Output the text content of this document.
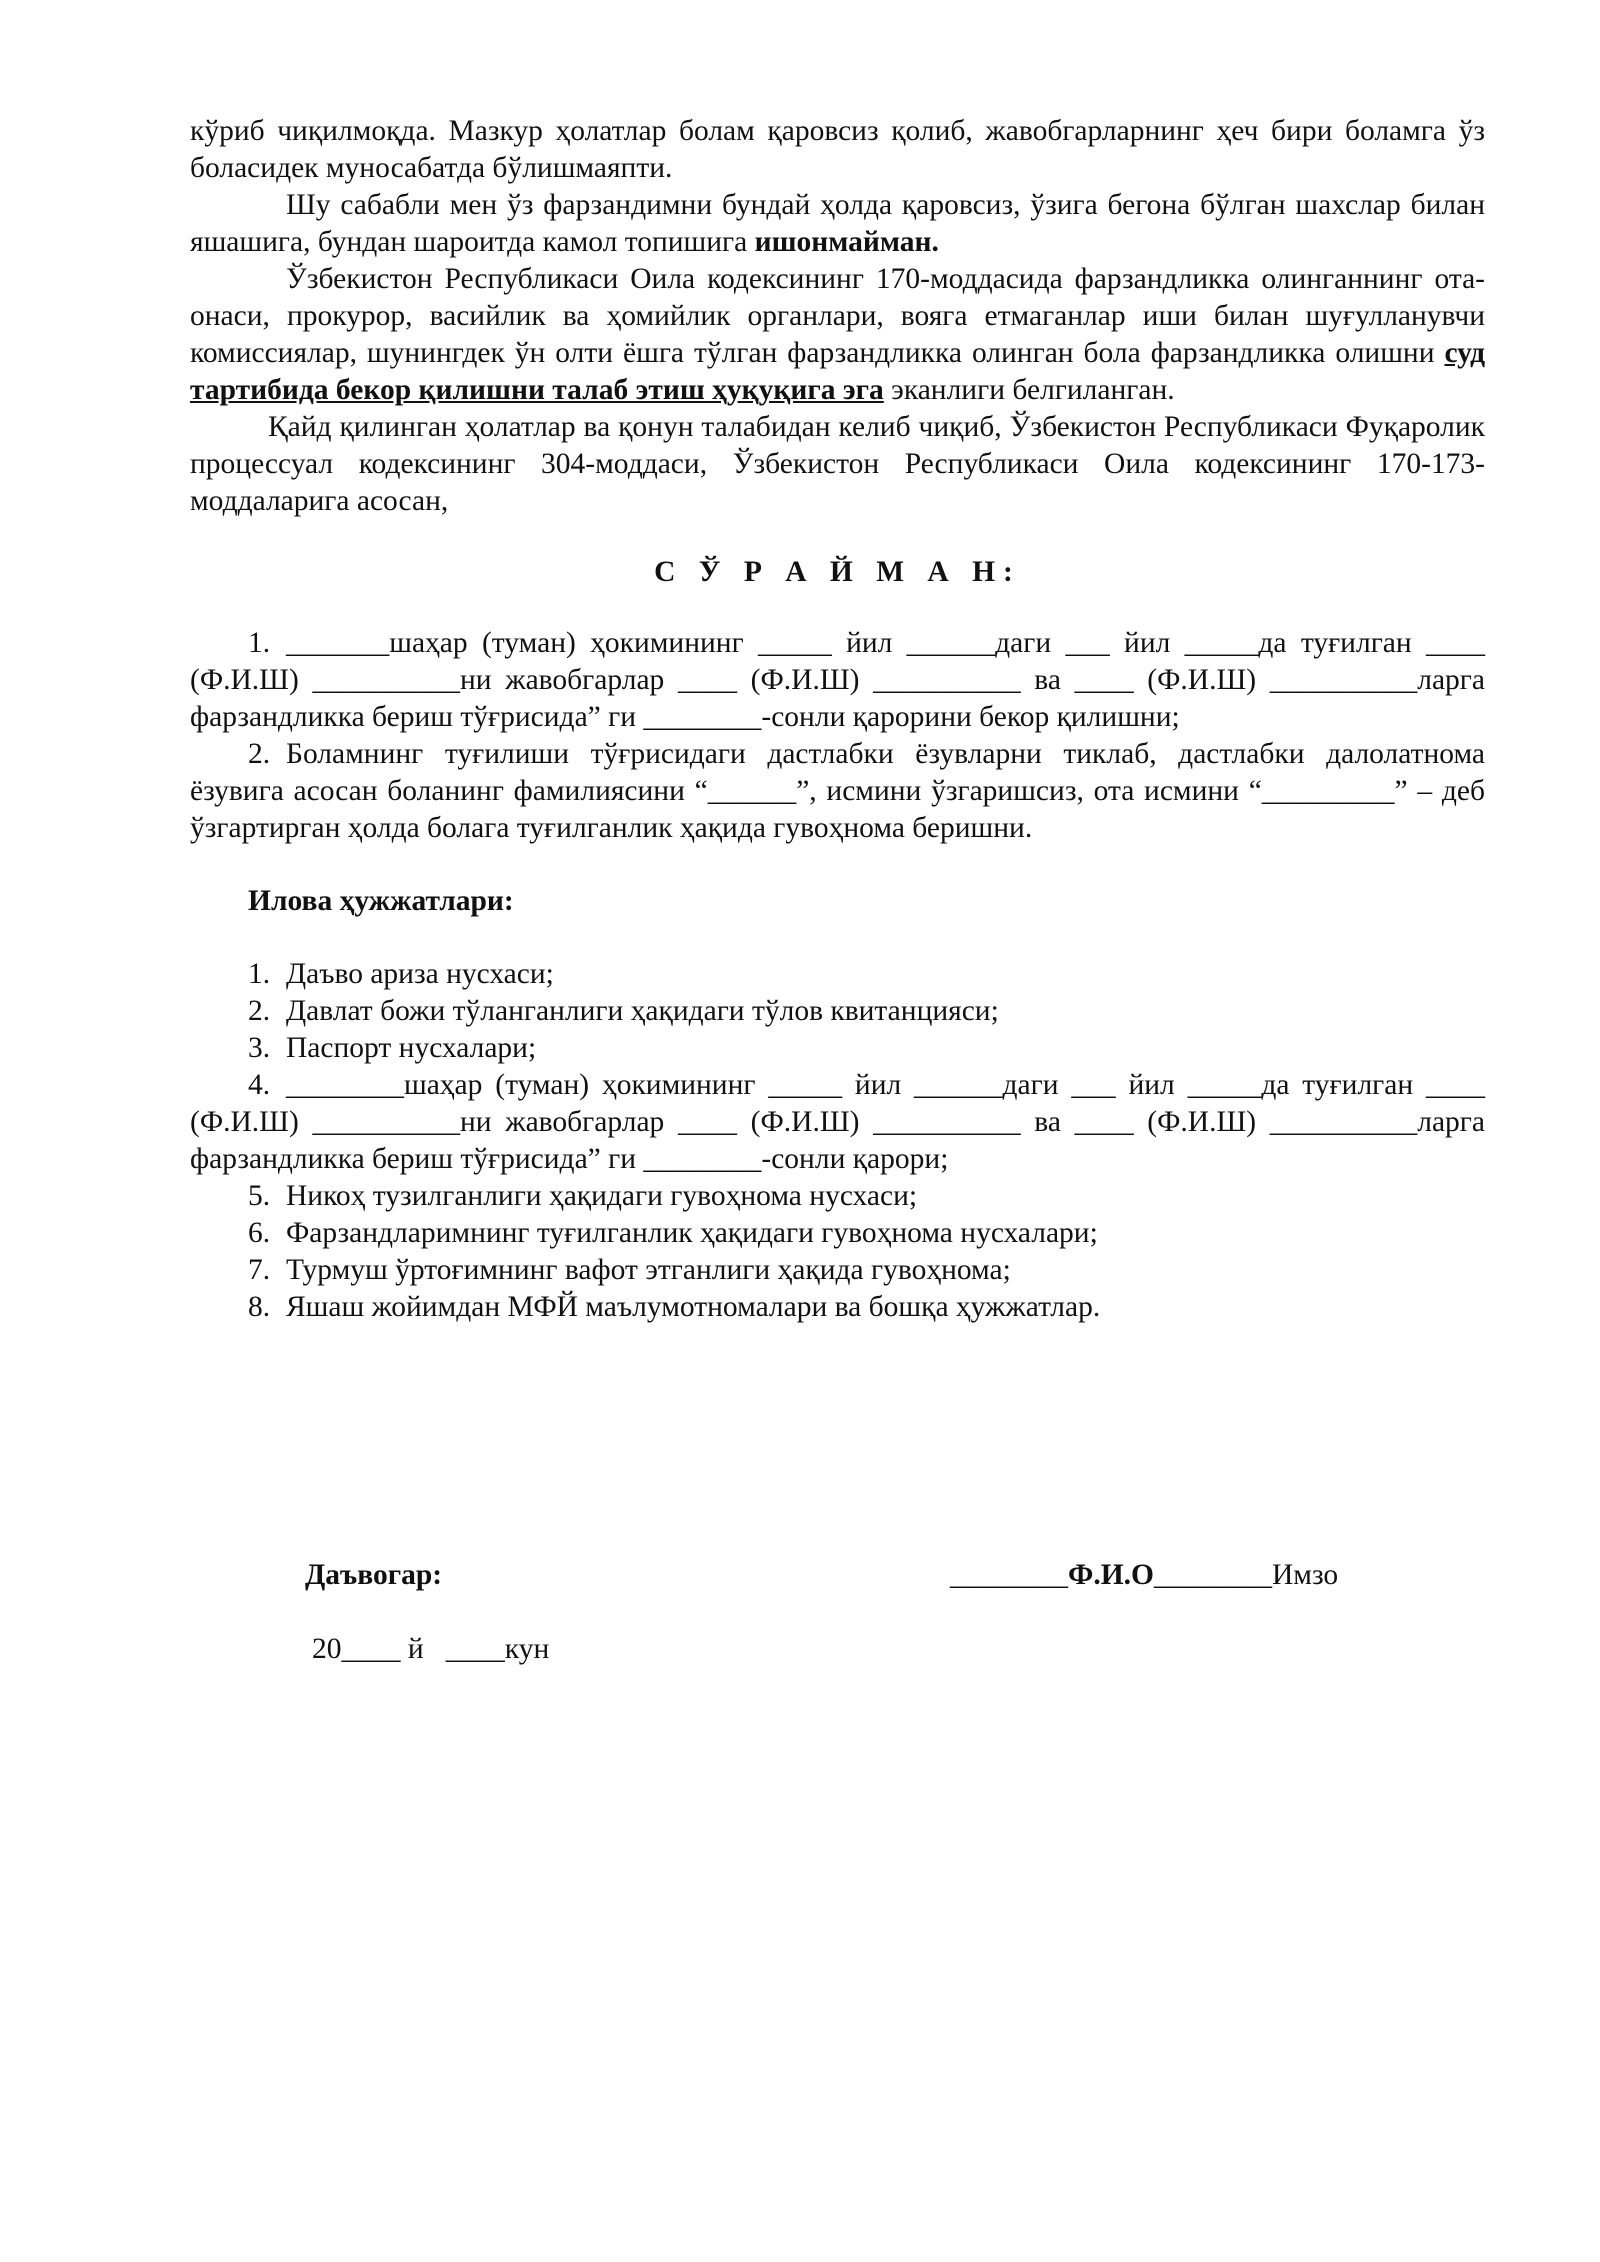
кўриб чиқилмоқда. Мазкур ҳолатлар болам қаровсиз қолиб, жавобгарларнинг ҳеч бири боламга ўз боласидек муносабатда бўлишмаяпти.

Шу сабабли мен ўз фарзандимни бундай ҳолда қаровсиз, ўзига бегона бўлган шахслар билан яшашига, бундан шароитда камол топишига ишонмайман.

Ўзбекистон Республикаси Оила кодексининг 170-моддасида фарзандликка олинганнинг ота-онаси, прокурор, васийлик ва ҳомийлик органлари, вояга етмаганлар иши билан шуғулланувчи комиссиялар, шунингдек ўн олти ёшга тўлган фарзандликка олинган бола фарзандликка олишни суд тартибида бекор қилишни талаб этиш ҳуқуқига эга эканлиги белгиланган.

Қайд қилинган ҳолатлар ва қонун талабидан келиб чиқиб, Ўзбекистон Республикаси Фуқаролик процессуал кодексининг 304-моддаси, Ўзбекистон Республикаси Оила кодексининг 170-173-моддаларига асосан,

С Ў Р А Й М А Н:

1. _______шаҳар (туман) ҳокимининг _____ йил ______даги ___ йил _____да туғилган ____ (Ф.И.Ш) __________ни жавобгарлар ____ (Ф.И.Ш) __________ ва ____ (Ф.И.Ш) __________ларга фарзандликка бериш тўғрисида” ги ________-сонли қарорини бекор қилишни;

2. Боламнинг туғилиши тўғрисидаги дастлабки ёзувларни тиклаб, дастлабки далолатнома ёзувига асосан боланинг фамилиясини “______”, исмини ўзгаришсиз, ота исмини “_________” – деб ўзгартирган ҳолда болага туғилганлик ҳақида гувоҳнома беришни.

Илова ҳужжатлари:

1. Даъво ариза нусхаси;

2. Давлат божи тўланганлиги ҳақидаги тўлов квитанцияси;

3. Паспорт нусхалари;

4. ________шаҳар (туман) ҳокимининг _____ йил ______даги ___ йил _____да туғилган ____ (Ф.И.Ш) __________ни жавобгарлар ____ (Ф.И.Ш) __________ ва ____ (Ф.И.Ш) __________ларга фарзандликка бериш тўғрисида” ги ________-сонли қарори;

5. Никоҳ тузилганлиги ҳақидаги гувоҳнома нусхаси;

6. Фарзандларимнинг туғилганлик ҳақидаги гувоҳнома нусхалари;

7. Турмуш ўртоғимнинг вафот этганлиги ҳақида гувоҳнома;

8. Яшаш жойимдан МФЙ маълумотномалари ва бошқа ҳужжатлар.

Даъвогар:	________Ф.И.О________Имзо
20____ й   ____кун
